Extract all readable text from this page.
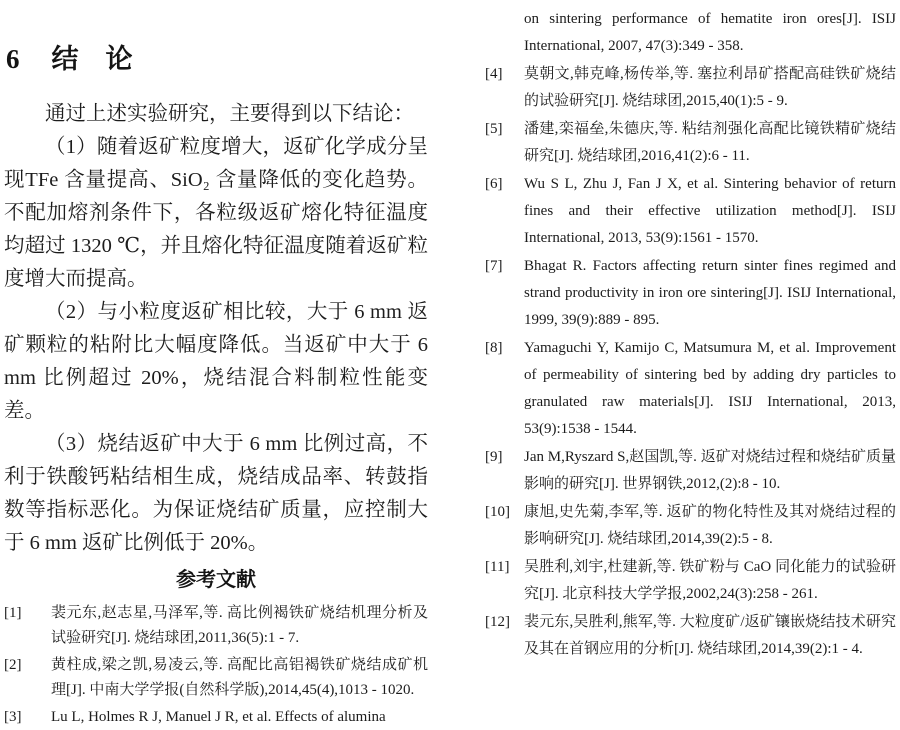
6 结　论

通过上述实验研究，主要得到以下结论：

（1）随着返矿粒度增大，返矿化学成分呈现TFe 含量提高、SiO₂ 含量降低的变化趋势。不配加熔剂条件下，各粒级返矿熔化特征温度均超过 1320 ℃，并且熔化特征温度随着返矿粒度增大而提高。

（2）与小粒度返矿相比较，大于 6 mm 返矿颗粒的粘附比大幅度降低。当返矿中大于 6 mm 比例超过 20%，烧结混合料制粒性能变差。

（3）烧结返矿中大于 6 mm 比例过高，不利于铁酸钙粘结相生成，烧结成品率、转鼓指数等指标恶化。为保证烧结矿质量，应控制大于 6 mm 返矿比例低于 20%。

参考文献
[1]	裴元东,赵志星,马泽军,等. 高比例褐铁矿烧结机理分析及试验研究[J]. 烧结球团,2011,36(5):1 - 7.
[2]	黄柱成,梁之凯,易凌云,等. 高配比高铝褐铁矿烧结成矿机理[J]. 中南大学学报(自然科学版),2014,45(4),1013 - 1020.
[3]	Lu L, Holmes R J, Manuel J R, et al. Effects of alumina
on sintering performance of hematite iron ores[J]. ISIJ International, 2007, 47(3):349 - 358.
[4]	莫朝文,韩克峰,杨传举,等. 塞拉利昂矿搭配高硅铁矿烧结的试验研究[J]. 烧结球团,2015,40(1):5 - 9.
[5]	潘建,栾福垒,朱德庆,等. 粘结剂强化高配比镜铁精矿烧结研究[J]. 烧结球团,2016,41(2):6 - 11.
[6]	Wu S L, Zhu J, Fan J X, et al. Sintering behavior of return fines and their effective utilization method[J]. ISIJ International, 2013, 53(9):1561 - 1570.
[7]	Bhagat R. Factors affecting return sinter fines regimed and strand productivity in iron ore sintering[J]. ISIJ International, 1999, 39(9):889 - 895.
[8]	Yamaguchi Y, Kamijo C, Matsumura M, et al. Improvement of permeability of sintering bed by adding dry particles to granulated raw materials[J]. ISIJ International, 2013, 53(9):1538 - 1544.
[9]	Jan M,Ryszard S,赵国凯,等. 返矿对烧结过程和烧结矿质量影响的研究[J]. 世界钢铁,2012,(2):8 - 10.
[10] 康旭,史先菊,李军,等. 返矿的物化特性及其对烧结过程的影响研究[J]. 烧结球团,2014,39(2):5 - 8.
[11] 吴胜利,刘宇,杜建新,等. 铁矿粉与 CaO 同化能力的试验研究[J]. 北京科技大学学报,2002,24(3):258 - 261.
[12] 裴元东,吴胜利,熊军,等. 大粒度矿/返矿镶嵌烧结技术研究及其在首钢应用的分析[J]. 烧结球团,2014,39(2):1 - 4.
